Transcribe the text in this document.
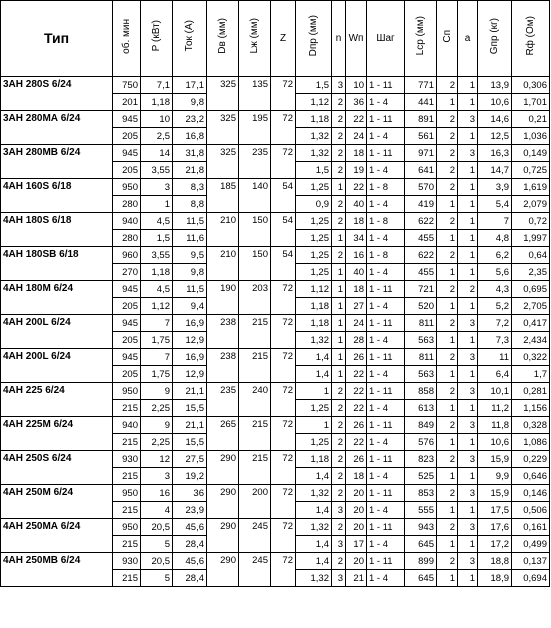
Тип	об. мин	Р (кВт)	Ток (А)	Dв (мм)	Lж (мм)	Z	Dпр (мм)	n	Wп	Шаг	Lср (мм)	Сп	a	Gпр (кг)	Rф (Ом)
3АН 280S 6/24	750	7,1	17,1	325	135	72	1,5	3	10	1 - 11	771	2	1	13,9	0,306
	201	1,18	9,8				1,12	2	36	1 - 4	441	1	1	10,6	1,701
3АН 280МА 6/24	945	10	23,2	325	195	72	1,18	2	22	1 - 11	891	2	3	14,6	0,21
	205	2,5	16,8				1,32	2	24	1 - 4	561	2	1	12,5	1,036
3АН 280МВ 6/24	945	14	31,8	325	235	72	1,32	2	18	1 - 11	971	2	3	16,3	0,149
	205	3,55	21,8				1,5	2	19	1 - 4	641	2	1	14,7	0,725
4АН 160S 6/18	950	3	8,3	185	140	54	1,25	1	22	1 - 8	570	2	1	3,9	1,619
	280	1	8,8				0,9	2	40	1 - 4	419	1	1	5,4	2,079
4АН 180S 6/18	940	4,5	11,5	210	150	54	1,25	2	18	1 - 8	622	2	1	7	0,72
	280	1,5	11,6				1,25	1	34	1 - 4	455	1	1	4,8	1,997
4АН 180SВ 6/18	960	3,55	9,5	210	150	54	1,25	2	16	1 - 8	622	2	1	6,2	0,64
	270	1,18	9,8				1,25	1	40	1 - 4	455	1	1	5,6	2,35
4АН 180М 6/24	945	4,5	11,5	190	203	72	1,12	1	18	1 - 11	721	2	2	4,3	0,695
	205	1,12	9,4				1,18	1	27	1 - 4	520	1	1	5,2	2,705
4АН 200L 6/24	945	7	16,9	238	215	72	1,18	1	24	1 - 11	811	2	3	7,2	0,417
	205	1,75	12,9				1,32	1	28	1 - 4	563	1	1	7,3	2,434
4АН 200L 6/24	945	7	16,9	238	215	72	1,4	1	26	1 - 11	811	2	3	11	0,322
	205	1,75	12,9				1,4	1	22	1 - 4	563	1	1	6,4	1,7
4АН 225 6/24	950	9	21,1	235	240	72	1	2	22	1 - 11	858	2	3	10,1	0,281
	215	2,25	15,5				1,25	2	22	1 - 4	613	1	1	11,2	1,156
4АН 225М 6/24	940	9	21,1	265	215	72	1	2	26	1 - 11	849	2	3	11,8	0,328
	215	2,25	15,5				1,25	2	22	1 - 4	576	1	1	10,6	1,086
4АН 250S 6/24	930	12	27,5	290	215	72	1,18	2	26	1 - 11	823	2	3	15,9	0,229
	215	3	19,2				1,4	2	18	1 - 4	525	1	1	9,9	0,646
4АН 250М 6/24	950	16	36	290	200	72	1,32	2	20	1 - 11	853	2	3	15,9	0,146
	215	4	23,9				1,4	3	20	1 - 4	555	1	1	17,5	0,506
4АН 250МА 6/24	950	20,5	45,6	290	245	72	1,32	2	20	1 - 11	943	2	3	17,6	0,161
	215	5	28,4				1,4	3	17	1 - 4	645	1	1	17,2	0,499
4АН 250МВ 6/24	930	20,5	45,6	290	245	72	1,4	2	20	1 - 11	899	2	3	18,8	0,137
	215	5	28,4				1,32	3	21	1 - 4	645	1	1	18,9	0,694
